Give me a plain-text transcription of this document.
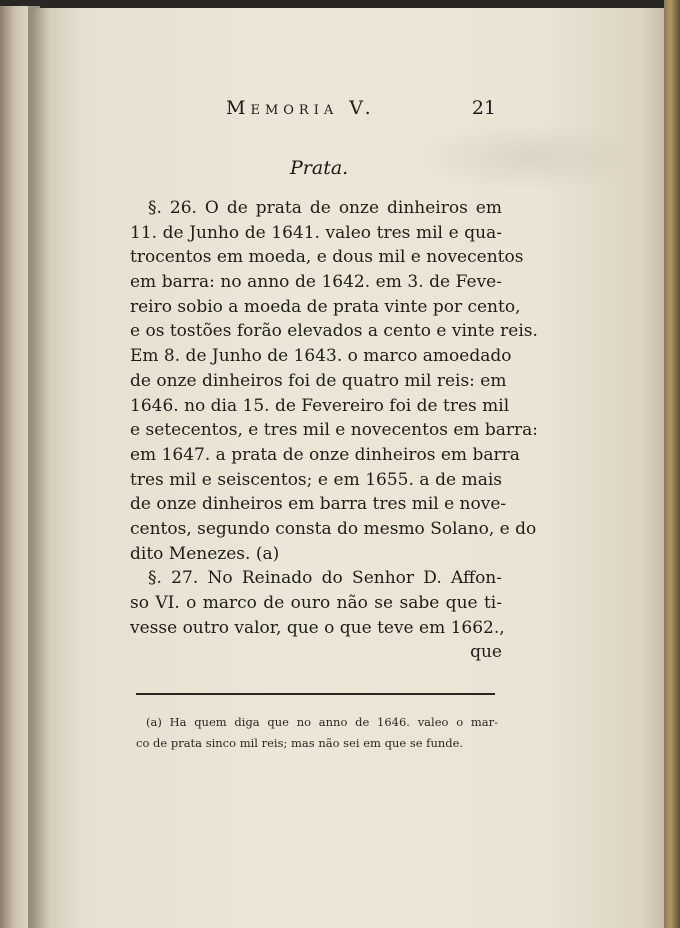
Memoria V.	21
Prata.
§. 26. O de prata de onze dinheiros em
11. de Junho de 1641. valeo tres mil e qua-
trocentos em moeda, e dous mil e novecentos
em barra: no anno de 1642. em 3. de Feve-
reiro sobio a moeda de prata vinte por cento,
e os tostões forão elevados a cento e vinte reis.
Em 8. de Junho de 1643. o marco amoedado
de onze dinheiros foi de quatro mil reis: em
1646. no dia 15. de Fevereiro foi de tres mil
e setecentos, e tres mil e novecentos em barra:
em 1647. a prata de onze dinheiros em barra
tres mil e seiscentos; e em 1655. a de mais
de onze dinheiros em barra tres mil e nove-
centos, segundo consta do mesmo Solano, e do
dito Menezes. (a)
§. 27. No Reinado do Senhor D. Affon-
so VI. o marco de ouro não se sabe que ti-
vesse outro valor, que o que teve em 1662.,
que
(a) Ha quem diga que no anno de 1646. valeo o mar-
co de prata sinco mil reis; mas não sei em que se funde.
